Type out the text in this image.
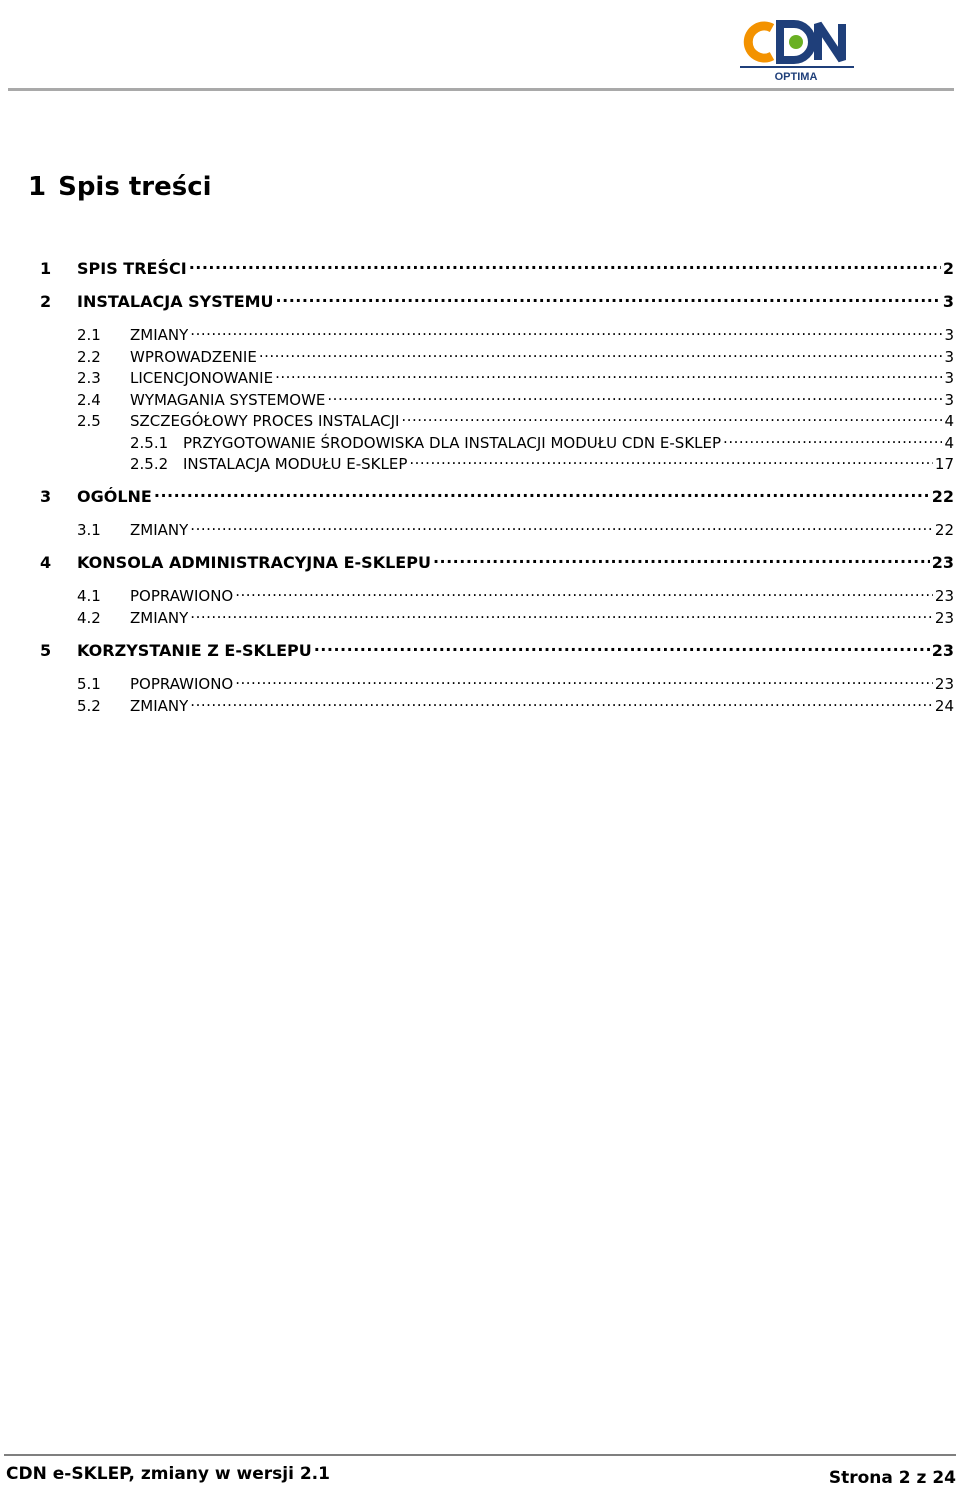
OPTIMA
1 Spis treści
1	SPIS TREŚCI .....	2
2	INSTALACJA SYSTEMU .....	3
2.1	ZMIANY .....	3
2.2	WPROWADZENIE .....	3
2.3	LICENCJONOWANIE .....	3
2.4	WYMAGANIA SYSTEMOWE .....	3
2.5	SZCZEGÓŁOWY PROCES INSTALACJI .....	4
2.5.1 PRZYGOTOWANIE ŚRODOWISKA DLA INSTALACJI MODUŁU CDN E-SKLEP .....	4
2.5.2 INSTALACJA MODUŁU E-SKLEP .....	17
3	OGÓLNE .....	22
3.1	ZMIANY .....	22
4	KONSOLA ADMINISTRACYJNA E-SKLEPU .....	23
4.1	POPRAWIONO .....	23
4.2	ZMIANY .....	23
5	KORZYSTANIE Z E-SKLEPU .....	23
5.1	POPRAWIONO .....	23
5.2	ZMIANY .....	24
CDN e-SKLEP, zmiany w wersji 2.1	Strona 2 z 24
